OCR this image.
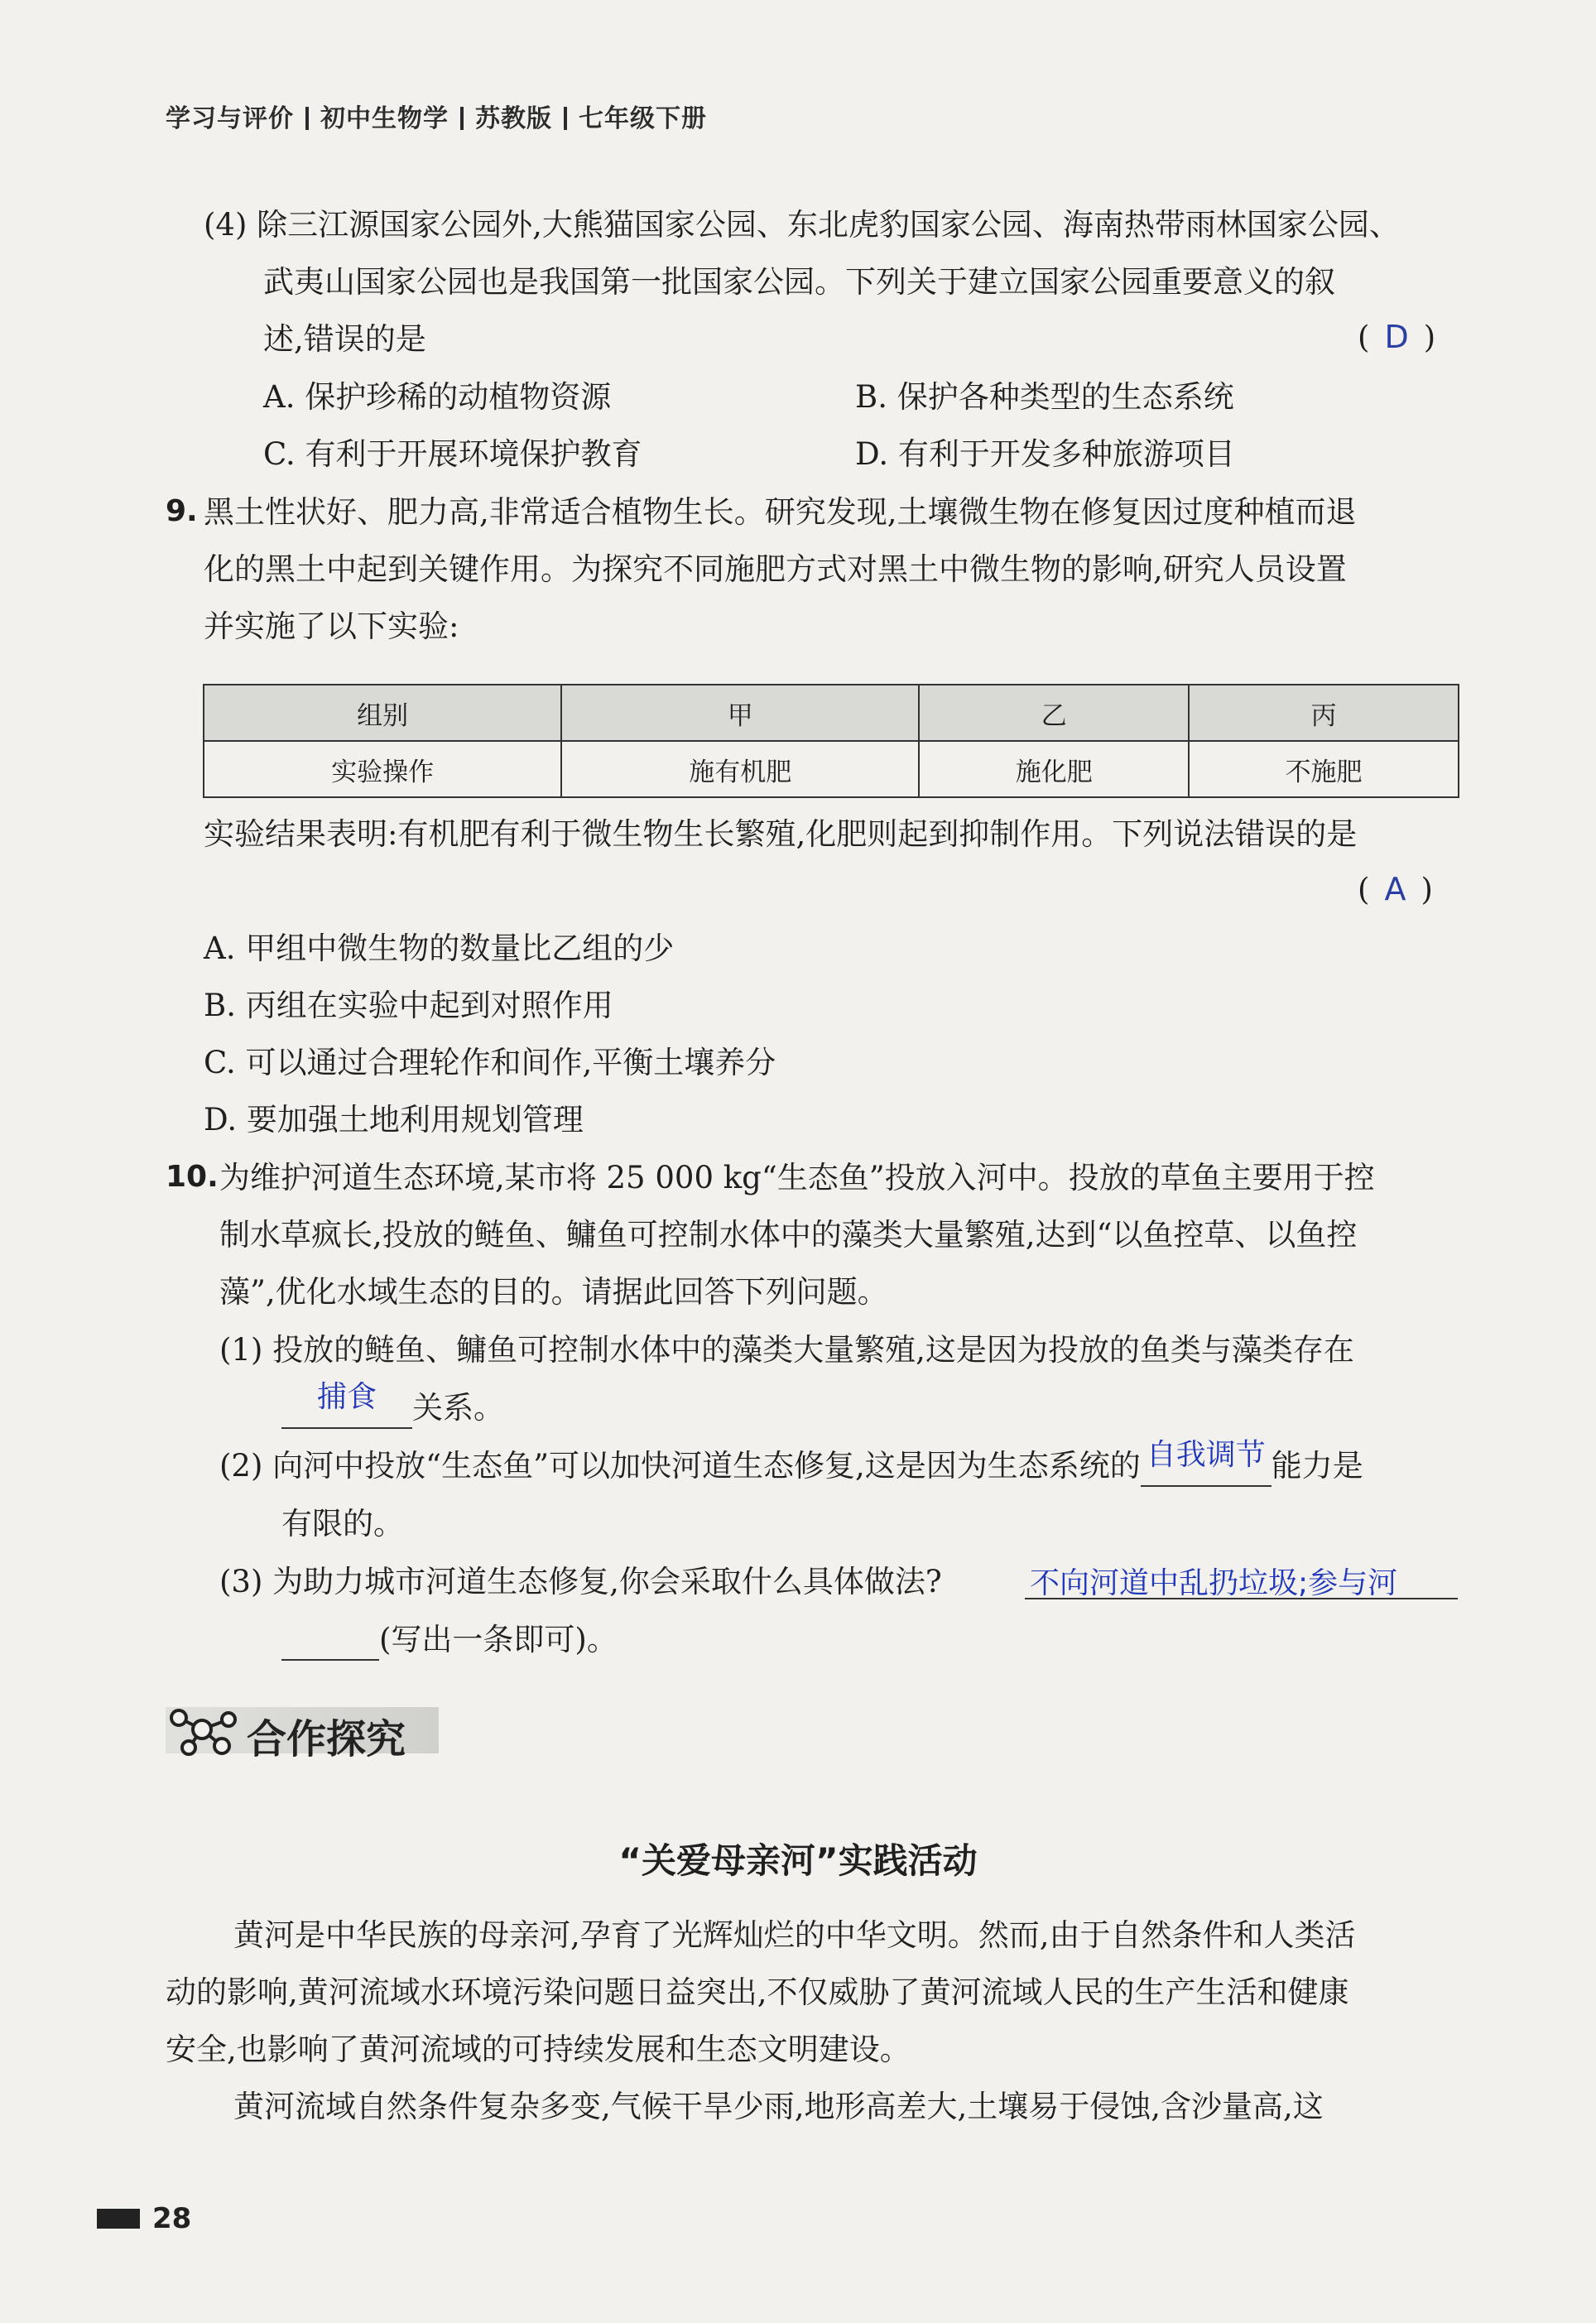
学习与评价 初中生物学 苏教版 七年级下册
(4) 除三江源国家公园外,大熊猫国家公园、东北虎豹国家公园、海南热带雨林国家公园、
武夷山国家公园也是我国第一批国家公园。下列关于建立国家公园重要意义的叙
述,错误的是	( D )
A. 保护珍稀的动植物资源	B. 保护各种类型的生态系统
C. 有利于开展环境保护教育	D. 有利于开发多种旅游项目
9. 黑土性状好、肥力高,非常适合植物生长。研究发现,土壤微生物在修复因过度种植而退
化的黑土中起到关键作用。为探究不同施肥方式对黑土中微生物的影响,研究人员设置
并实施了以下实验:
组别	甲	乙	丙
实验操作	施有机肥	施化肥	不施肥
实验结果表明:有机肥有利于微生物生长繁殖,化肥则起到抑制作用。下列说法错误的是
( A )
A. 甲组中微生物的数量比乙组的少
B. 丙组在实验中起到对照作用
C. 可以通过合理轮作和间作,平衡土壤养分
D. 要加强土地利用规划管理
10. 为维护河道生态环境,某市将 25 000 kg“生态鱼”投放入河中。投放的草鱼主要用于控
制水草疯长,投放的鲢鱼、鳙鱼可控制水体中的藻类大量繁殖,达到“以鱼控草、以鱼控
藻”,优化水域生态的目的。请据此回答下列问题。
(1) 投放的鲢鱼、鳙鱼可控制水体中的藻类大量繁殖,这是因为投放的鱼类与藻类存在
捕食 关系。
(2) 向河中投放“生态鱼”可以加快河道生态修复,这是因为生态系统的 自我调节 能力是
有限的。
(3) 为助力城市河道生态修复,你会采取什么具体做法?	不向河道中乱扔垃圾;参与河
(写出一条即可)。
合作探究
“关爱母亲河”实践活动
黄河是中华民族的母亲河,孕育了光辉灿烂的中华文明。然而,由于自然条件和人类活
动的影响,黄河流域水环境污染问题日益突出,不仅威胁了黄河流域人民的生产生活和健康
安全,也影响了黄河流域的可持续发展和生态文明建设。
黄河流域自然条件复杂多变,气候干旱少雨,地形高差大,土壤易于侵蚀,含沙量高,这
28
